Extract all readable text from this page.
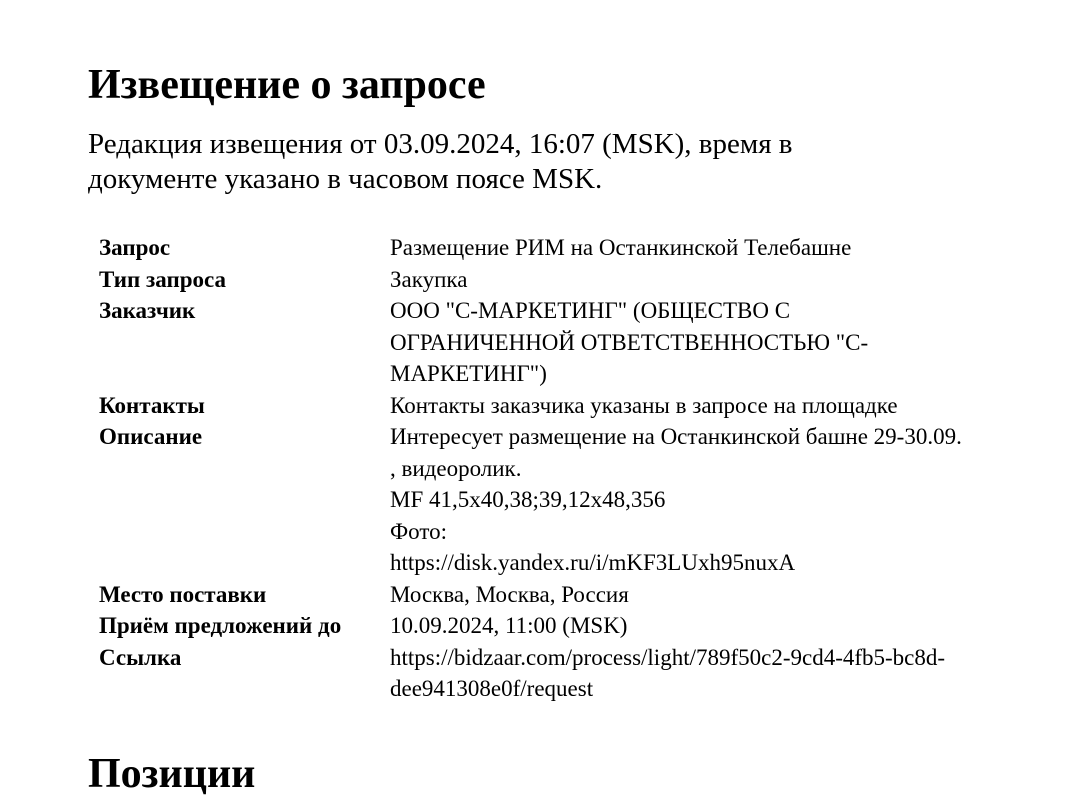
Извещение о запросе

Редакция извещения от 03.09.2024, 16:07 (MSK), время в документе указано в часовом поясе MSK.

Запрос	Размещение РИМ на Останкинской Телебашне
Тип запроса	Закупка
Заказчик	ООО "С-МАРКЕТИНГ" (ОБЩЕСТВО С ОГРАНИЧЕННОЙ ОТВЕТСТВЕННОСТЬЮ "С-МАРКЕТИНГ")
Контакты	Контакты заказчика указаны в запросе на площадке
Описание	Интересует размещение на Останкинской башне 29-30.09.
, видеоролик.
MF 41,5x40,38;39,12x48,356
Фото:
https://disk.yandex.ru/i/mKF3LUxh95nuxA

Место поставки	Москва, Москва, Россия
Приём предложений до	10.09.2024, 11:00 (MSK)
Ссылка	https://bidzaar.com/process/light/789f50c2-9cd4-4fb5-bc8d-dee941308e0f/request
Позиции
